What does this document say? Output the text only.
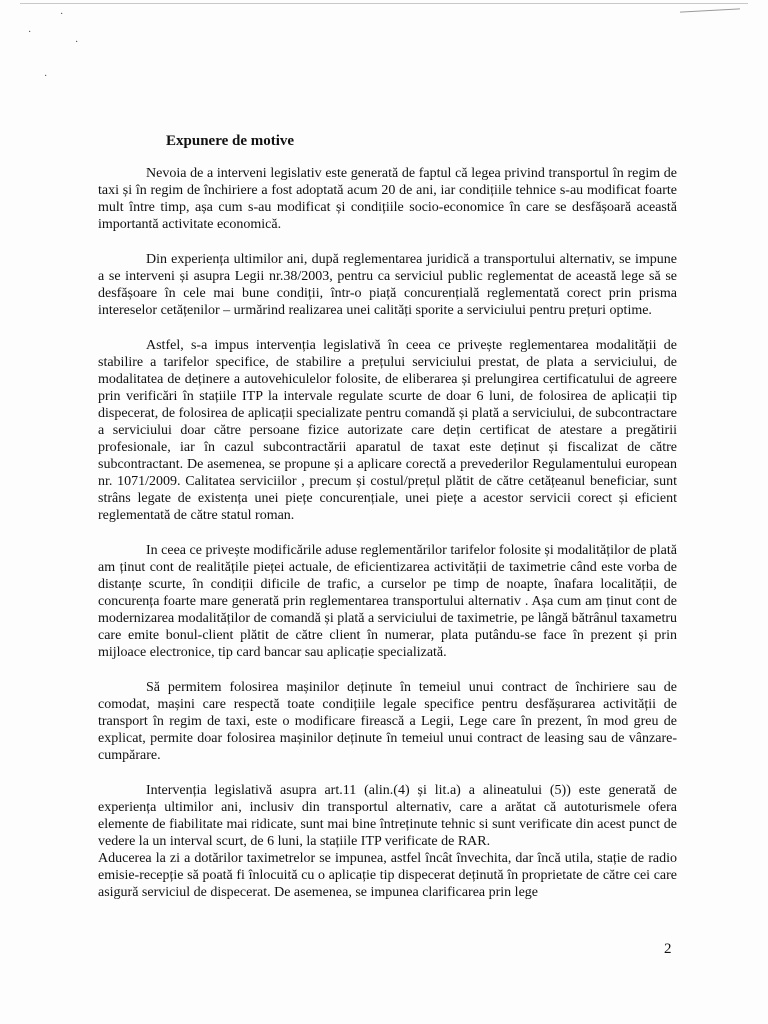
·
·
·
·
Expunere de motive

Nevoia de a interveni legislativ este generată de faptul că legea privind transportul în regim de taxi și în regim de închiriere a fost adoptată acum 20 de ani, iar condițiile tehnice s-au modificat foarte mult între timp, așa cum s-au modificat și condițiile socio-economice în care se desfășoară această importantă activitate economică.

Din experiența ultimilor ani, după reglementarea juridică a transportului alternativ, se impune a se interveni și asupra Legii nr.38/2003, pentru ca serviciul public reglementat de această lege să se desfășoare în cele mai bune condiții, într-o piață concurențială reglementată corect prin prisma intereselor cetățenilor – urmărind realizarea unei calități sporite a serviciului pentru prețuri optime.

Astfel, s-a impus intervenția legislativă în ceea ce privește reglementarea modalității de stabilire a tarifelor specifice, de stabilire a prețului serviciului prestat, de plata a serviciului, de modalitatea de deținere a autovehiculelor folosite, de eliberarea și prelungirea certificatului de agreere prin verificări în stațiile ITP la intervale regulate scurte de doar 6 luni, de folosirea de aplicații tip dispecerat, de folosirea de aplicații specializate pentru comandă și plată a serviciului, de subcontractare a serviciului doar către persoane fizice autorizate care dețin certificat de atestare a pregătirii profesionale, iar în cazul subcontractării aparatul de taxat este deținut și fiscalizat de către subcontractant. De asemenea, se propune și a aplicare corectă a prevederilor Regulamentului european nr. 1071/2009. Calitatea serviciilor , precum și costul/prețul plătit de către cetățeanul beneficiar, sunt strâns legate de existența unei piețe concurențiale, unei piețe a acestor servicii corect și eficient reglementată de către statul roman.

In ceea ce privește modificările aduse reglementărilor tarifelor folosite și modalităților de plată am ținut cont de realitățile pieței actuale, de eficientizarea activității de taximetrie când este vorba de distanțe scurte, în condiții dificile de trafic, a curselor pe timp de noapte, înafara localității, de concurența foarte mare generată prin reglementarea transportului alternativ . Așa cum am ținut cont de modernizarea modalităților de comandă și plată a serviciului de taximetrie, pe lângă bătrânul taxametru care emite bonul-client plătit de către client în numerar, plata putându-se face în prezent și prin mijloace electronice, tip card bancar sau aplicație specializată.

Să permitem folosirea mașinilor deținute în temeiul unui contract de închiriere sau de comodat, mașini care respectă toate condițiile legale specifice pentru desfășurarea activității de transport în regim de taxi, este o modificare firească a Legii, Lege care în prezent, în mod greu de explicat, permite doar folosirea mașinilor deținute în temeiul unui contract de leasing sau de vânzare-cumpărare.

Intervenția legislativă asupra art.11 (alin.(4) și lit.a) a alineatului (5)) este generată de experiența ultimilor ani, inclusiv din transportul alternativ, care a arătat că autoturismele ofera elemente de fiabilitate mai ridicate, sunt mai bine întreținute tehnic si sunt verificate din acest punct de vedere la un interval scurt, de 6 luni, la stațiile ITP verificate de RAR.

Aducerea la zi a dotărilor taximetrelor se impunea, astfel încât învechita, dar încă utila, stație de radio emisie-recepție să poată fi înlocuită cu o aplicație tip dispecerat deținută în proprietate de către cei care asigură serviciul de dispecerat. De asemenea, se impunea clarificarea prin lege

2
